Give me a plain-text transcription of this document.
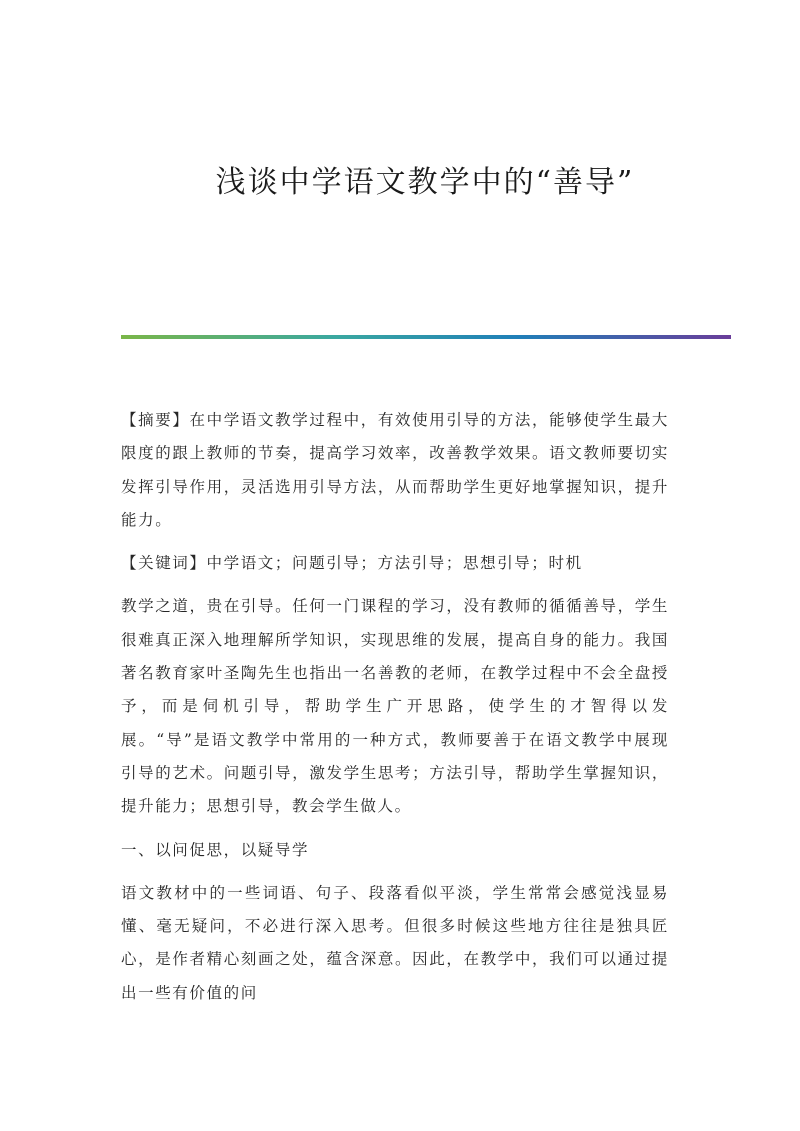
浅谈中学语文教学中的“善导”

【摘要】在中学语文教学过程中，有效使用引导的方法，能够使学生最大限度的跟上教师的节奏，提高学习效率，改善教学效果。语文教师要切实发挥引导作用，灵活选用引导方法，从而帮助学生更好地掌握知识，提升能力。

【关键词】中学语文；问题引导；方法引导；思想引导；时机

教学之道，贵在引导。任何一门课程的学习，没有教师的循循善导，学生很难真正深入地理解所学知识，实现思维的发展，提高自身的能力。我国著名教育家叶圣陶先生也指出一名善教的老师，在教学过程中不会全盘授予，而是伺机引导，帮助学生广开思路，使学生的才智得以发展。“导”是语文教学中常用的一种方式，教师要善于在语文教学中展现引导的艺术。问题引导，激发学生思考；方法引导，帮助学生掌握知识，提升能力；思想引导，教会学生做人。

一、以问促思，以疑导学

语文教材中的一些词语、句子、段落看似平淡，学生常常会感觉浅显易懂、毫无疑问，不必进行深入思考。但很多时候这些地方往往是独具匠心，是作者精心刻画之处，蕴含深意。因此，在教学中，我们可以通过提出一些有价值的问
